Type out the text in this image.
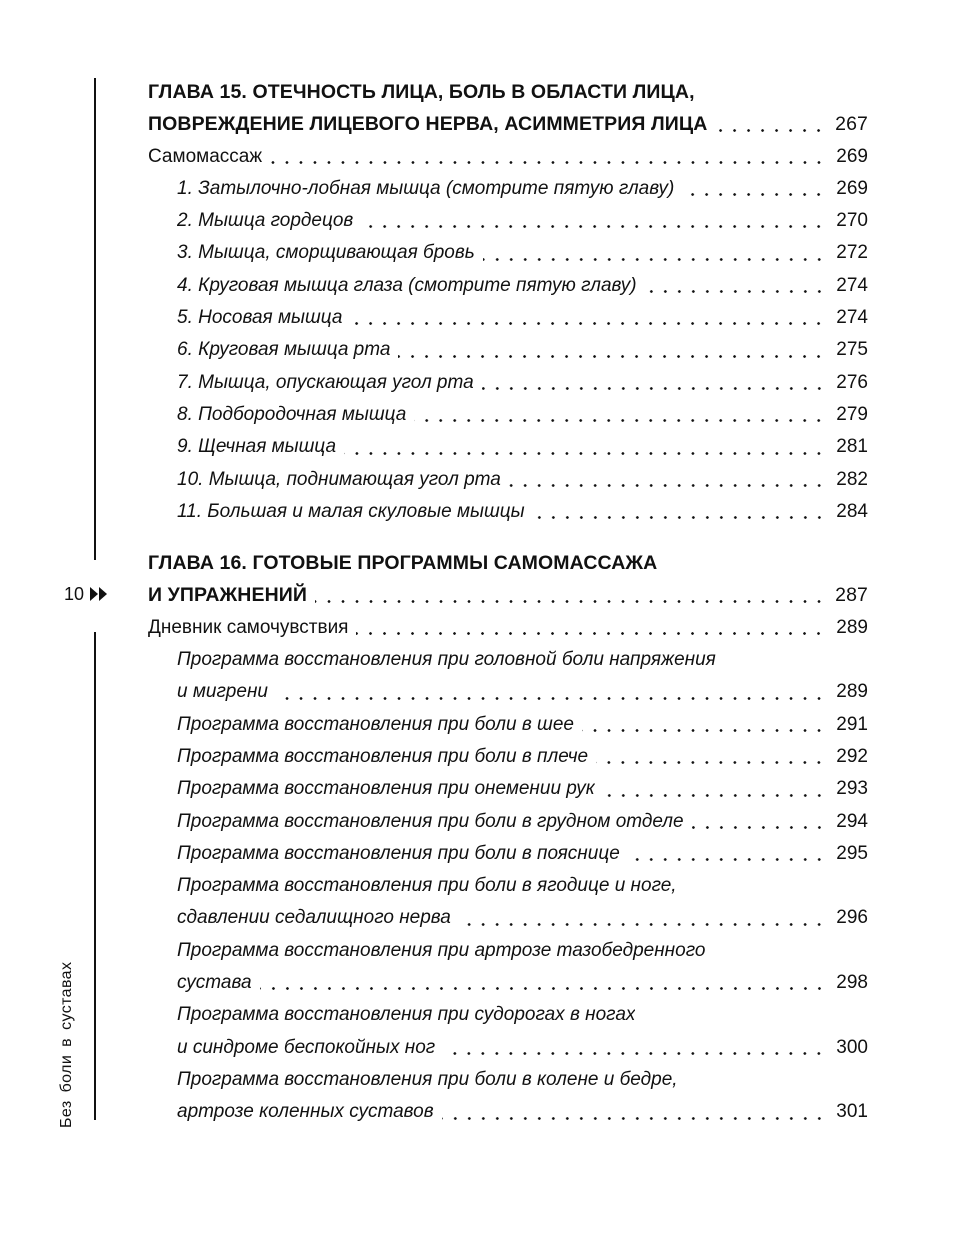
10
Безболивсуставах
ГЛАВА 15. ОТЕЧНОСТЬ ЛИЦА, БОЛЬ В ОБЛАСТИ ЛИЦА,
ПОВРЕЖДЕНИЕ ЛИЦЕВОГО НЕРВА, АСИММЕТРИЯ ЛИЦА	267
Самомассаж	269
1. Затылочно-лобная мышца (смотрите пятую главу)	269
2. Мышца гордецов	270
3. Мышца, сморщивающая бровь	272
4. Круговая мышца глаза (смотрите пятую главу)	274
5. Носовая мышца	274
6. Круговая мышца рта	275
7. Мышца, опускающая угол рта	276
8. Подбородочная мышца	279
9. Щечная мышца	281
10. Мышца, поднимающая угол рта	282
11. Большая и малая скуловые мышцы	284
ГЛАВА 16. ГОТОВЫЕ ПРОГРАММЫ САМОМАССАЖА
И УПРАЖНЕНИЙ	287
Дневник самочувствия	289
Программа восстановления при головной боли напряжения
и мигрени	289
Программа восстановления при боли в шее	291
Программа восстановления при боли в плече	292
Программа восстановления при онемении рук	293
Программа восстановления при боли в грудном отделе	294
Программа восстановления при боли в пояснице	295
Программа восстановления при боли в ягодице и ноге,
сдавлении седалищного нерва	296
Программа восстановления при артрозе тазобедренного
сустава	298
Программа восстановления при судорогах в ногах
и синдроме беспокойных ног	300
Программа восстановления при боли в колене и бедре,
артрозе коленных суставов	301
